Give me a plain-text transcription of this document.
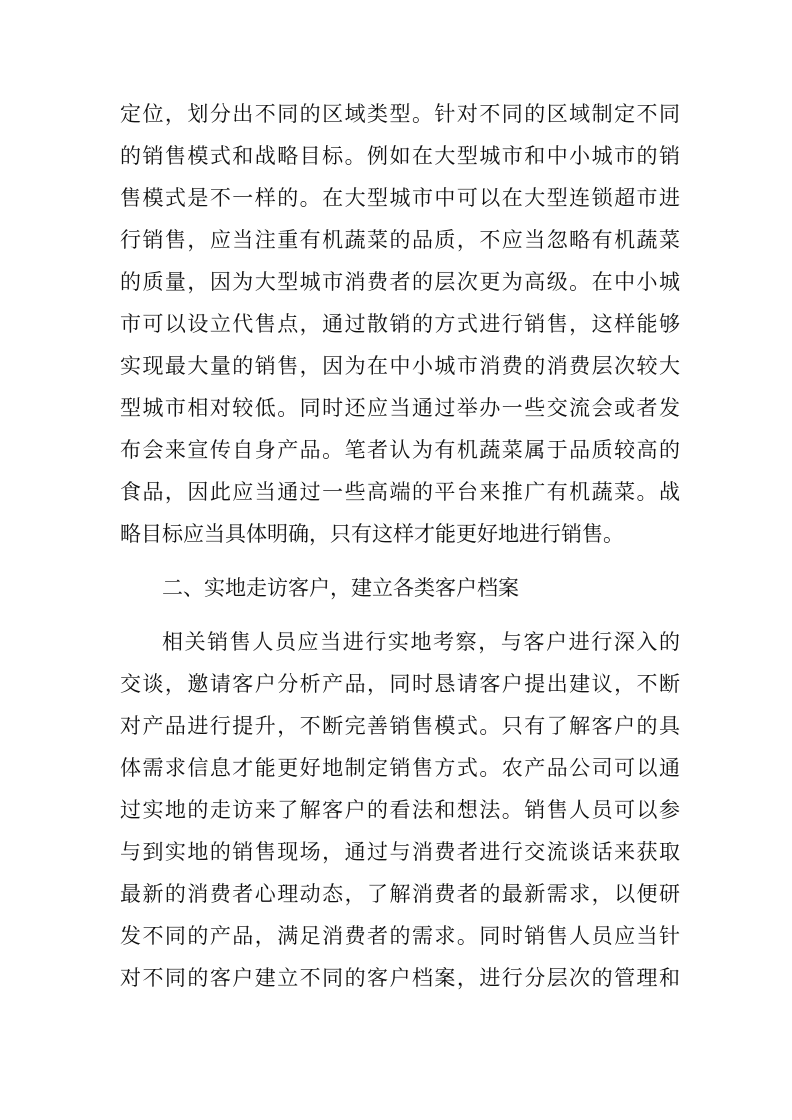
定位，划分出不同的区域类型。针对不同的区域制定不同
的销售模式和战略目标。例如在大型城市和中小城市的销
售模式是不一样的。在大型城市中可以在大型连锁超市进
行销售，应当注重有机蔬菜的品质，不应当忽略有机蔬菜
的质量，因为大型城市消费者的层次更为高级。在中小城
市可以设立代售点，通过散销的方式进行销售，这样能够
实现最大量的销售，因为在中小城市消费的消费层次较大
型城市相对较低。同时还应当通过举办一些交流会或者发
布会来宣传自身产品。笔者认为有机蔬菜属于品质较高的
食品，因此应当通过一些高端的平台来推广有机蔬菜。战
略目标应当具体明确，只有这样才能更好地进行销售。
二、实地走访客户，建立各类客户档案
相关销售人员应当进行实地考察，与客户进行深入的
交谈，邀请客户分析产品，同时恳请客户提出建议，不断
对产品进行提升，不断完善销售模式。只有了解客户的具
体需求信息才能更好地制定销售方式。农产品公司可以通
过实地的走访来了解客户的看法和想法。销售人员可以参
与到实地的销售现场，通过与消费者进行交流谈话来获取
最新的消费者心理动态，了解消费者的最新需求，以便研
发不同的产品，满足消费者的需求。同时销售人员应当针
对不同的客户建立不同的客户档案，进行分层次的管理和
